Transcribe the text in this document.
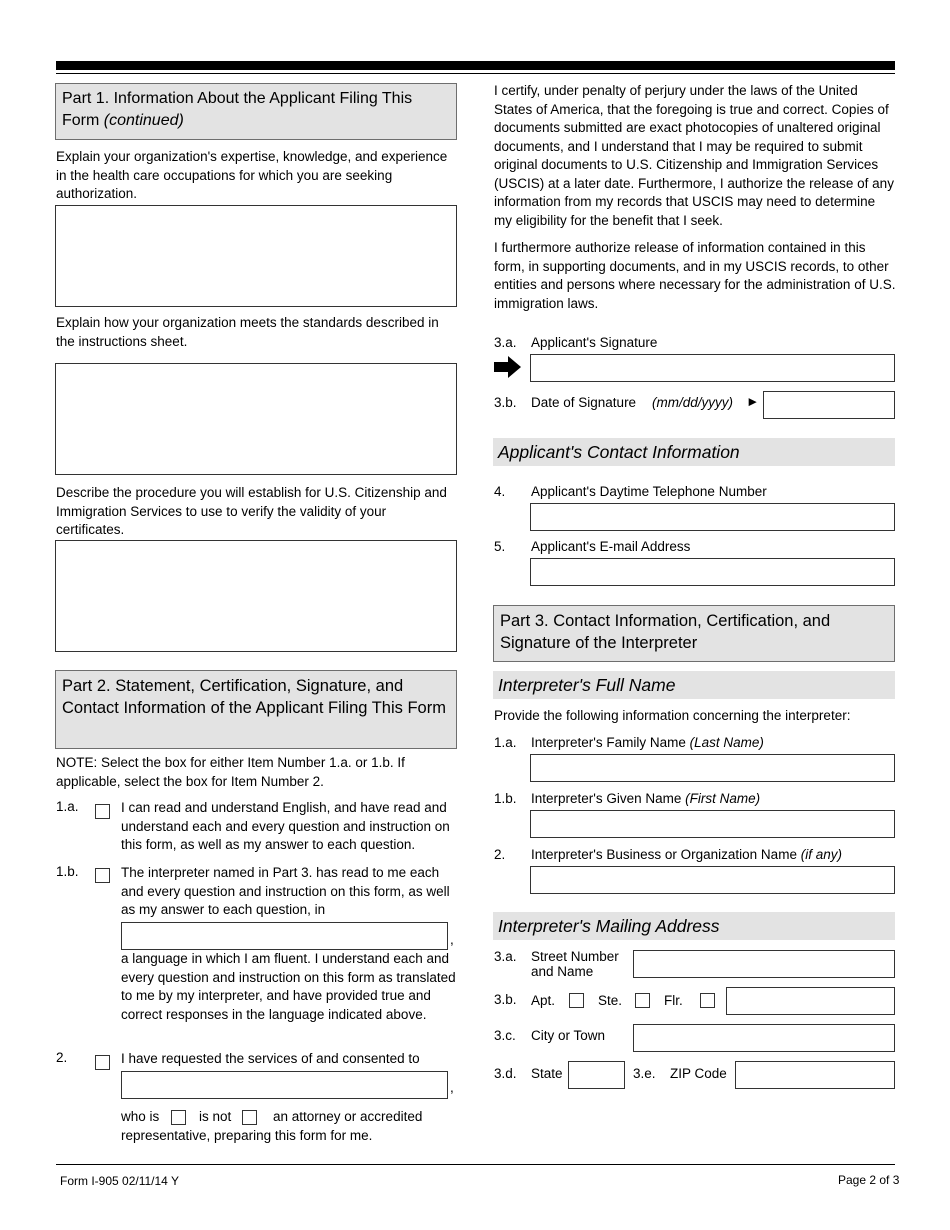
Part 1. Information About the Applicant Filing This Form (continued)

Explain your organization's expertise, knowledge, and experience in the health care occupations for which you are seeking authorization.

Explain how your organization meets the standards described in the instructions sheet.

Describe the procedure you will establish for U.S. Citizenship and Immigration Services to use to verify the validity of your certificates.

Part 2. Statement, Certification, Signature, and Contact Information of the Applicant Filing This Form

NOTE: Select the box for either Item Number 1.a. or 1.b. If applicable, select the box for Item Number 2.

1.a.	I can read and understand English, and have read and understand each and every question and instruction on this form, as well as my answer to each question.

1.b.	The interpreter named in Part 3. has read to me each and every question and instruction on this form, as well as my answer to each question, in

,

a language in which I am fluent. I understand each and every question and instruction on this form as translated to me by my interpreter, and have provided true and correct responses in the language indicated above.

2.	I have requested the services of and consented to

,
who is	is not	an attorney or accredited
representative, preparing this form for me.

I certify, under penalty of perjury under the laws of the United States of America, that the foregoing is true and correct. Copies of documents submitted are exact photocopies of unaltered original documents, and I understand that I may be required to submit original documents to U.S. Citizenship and Immigration Services (USCIS) at a later date. Furthermore, I authorize the release of any information from my records that USCIS may need to determine my eligibility for the benefit that I seek.

I furthermore authorize release of information contained in this form, in supporting documents, and in my USCIS records, to other entities and persons where necessary for the administration of U.S. immigration laws.

3.a. Applicant's Signature
3.b. Date of Signature (mm/dd/yyyy) ►
Applicant's Contact Information
4. Applicant's Daytime Telephone Number
5. Applicant's E-mail Address
Part 3. Contact Information, Certification, and Signature of the Interpreter
Interpreter's Full Name

Provide the following information concerning the interpreter:

1.a. Interpreter's Family Name (Last Name)
1.b. Interpreter's Given Name (First Name)
2. Interpreter's Business or Organization Name (if any)
Interpreter's Mailing Address
3.a. Street Number
and Name
3.b. Apt.	Ste.	Flr.
3.c. City or Town
3.d. State	3.e. ZIP Code
Form I-905 02/11/14 Y	Page 2 of 3
